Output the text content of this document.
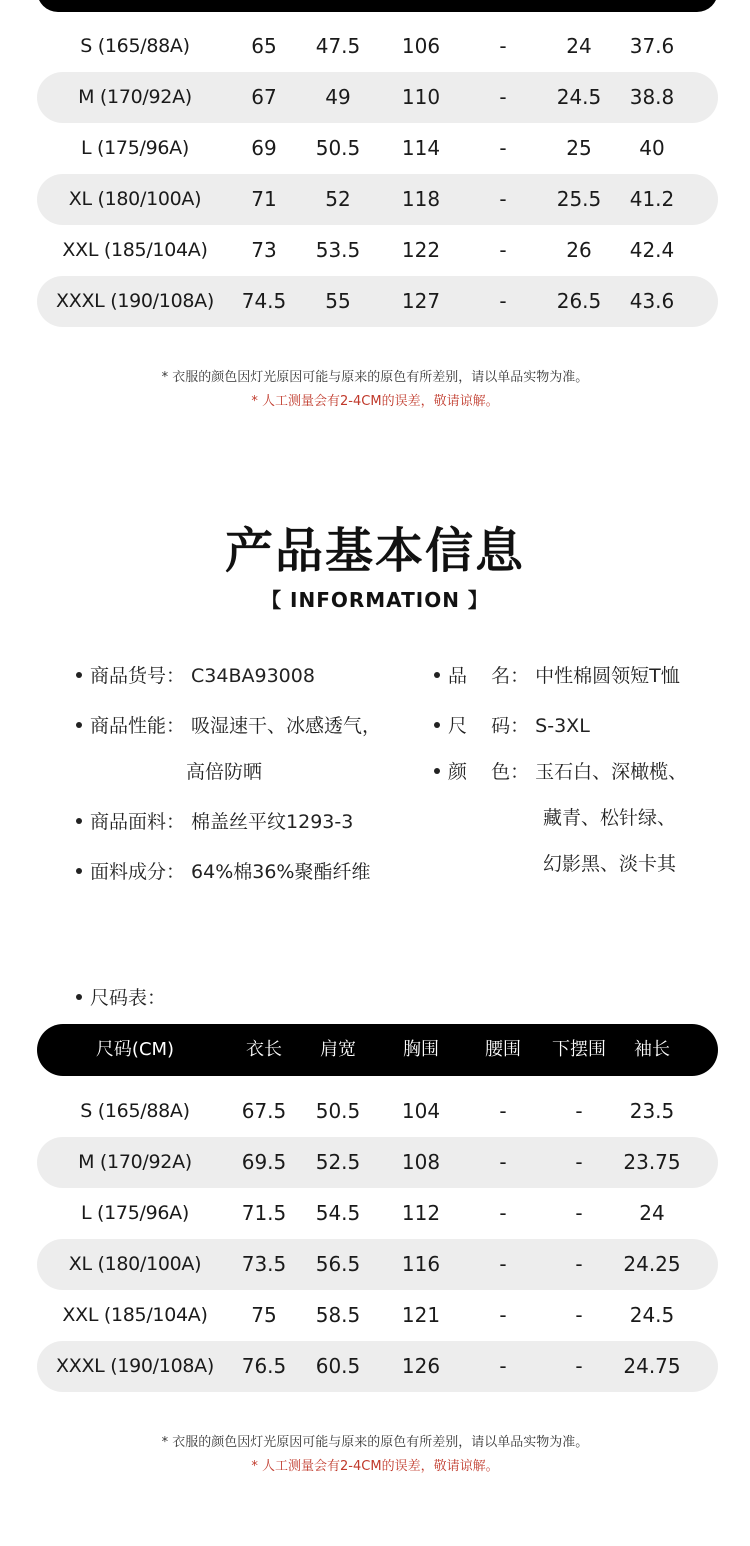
S (165/88A)	65 47.5 106	-	24 37.6
M (170/92A)	67 49	110	-	24.5 38.8
L (175/96A)	69 50.5 114	-	25 40
XL (180/100A)	71 52	118	-	25.5 41.2
XXL (185/104A) 73 53.5 122	-	26 42.4
XXXL (190/108A) 74.5 55	127	-	26.5 43.6
* 衣服的颜色因灯光原因可能与原来的原色有所差别，请以单品实物为准。
* 人工测量会有2-4CM的误差，敬请谅解。
产品基本信息
【 INFORMATION 】
商品货号： C34BA93008
商品性能： 吸湿速干、冰感透气，
高倍防晒
商品面料： 棉盖丝平纹1293-3
面料成分： 64%棉36%聚酯纤维
品    名： 中性棉圆领短T恤
尺    码： S-3XL
颜    色： 玉石白、深橄榄、
藏青、松针绿、
幻影黑、淡卡其
尺码表：
尺码(CM)	衣长 肩宽	胸围	腰围 下摆围 袖长
S (165/88A)	67.5 50.5 104	-	- 23.5
M (170/92A) 69.5 52.5 108	-	- 23.75
L (175/96A)	71.5 54.5 112	-	-	24
XL (180/100A) 73.5 56.5 116	-	- 24.25
XXL (185/104A) 75 58.5 121	-	- 24.5
XXXL (190/108A) 76.5 60.5 126	-	- 24.75
* 衣服的颜色因灯光原因可能与原来的原色有所差别，请以单品实物为准。
* 人工测量会有2-4CM的误差，敬请谅解。
